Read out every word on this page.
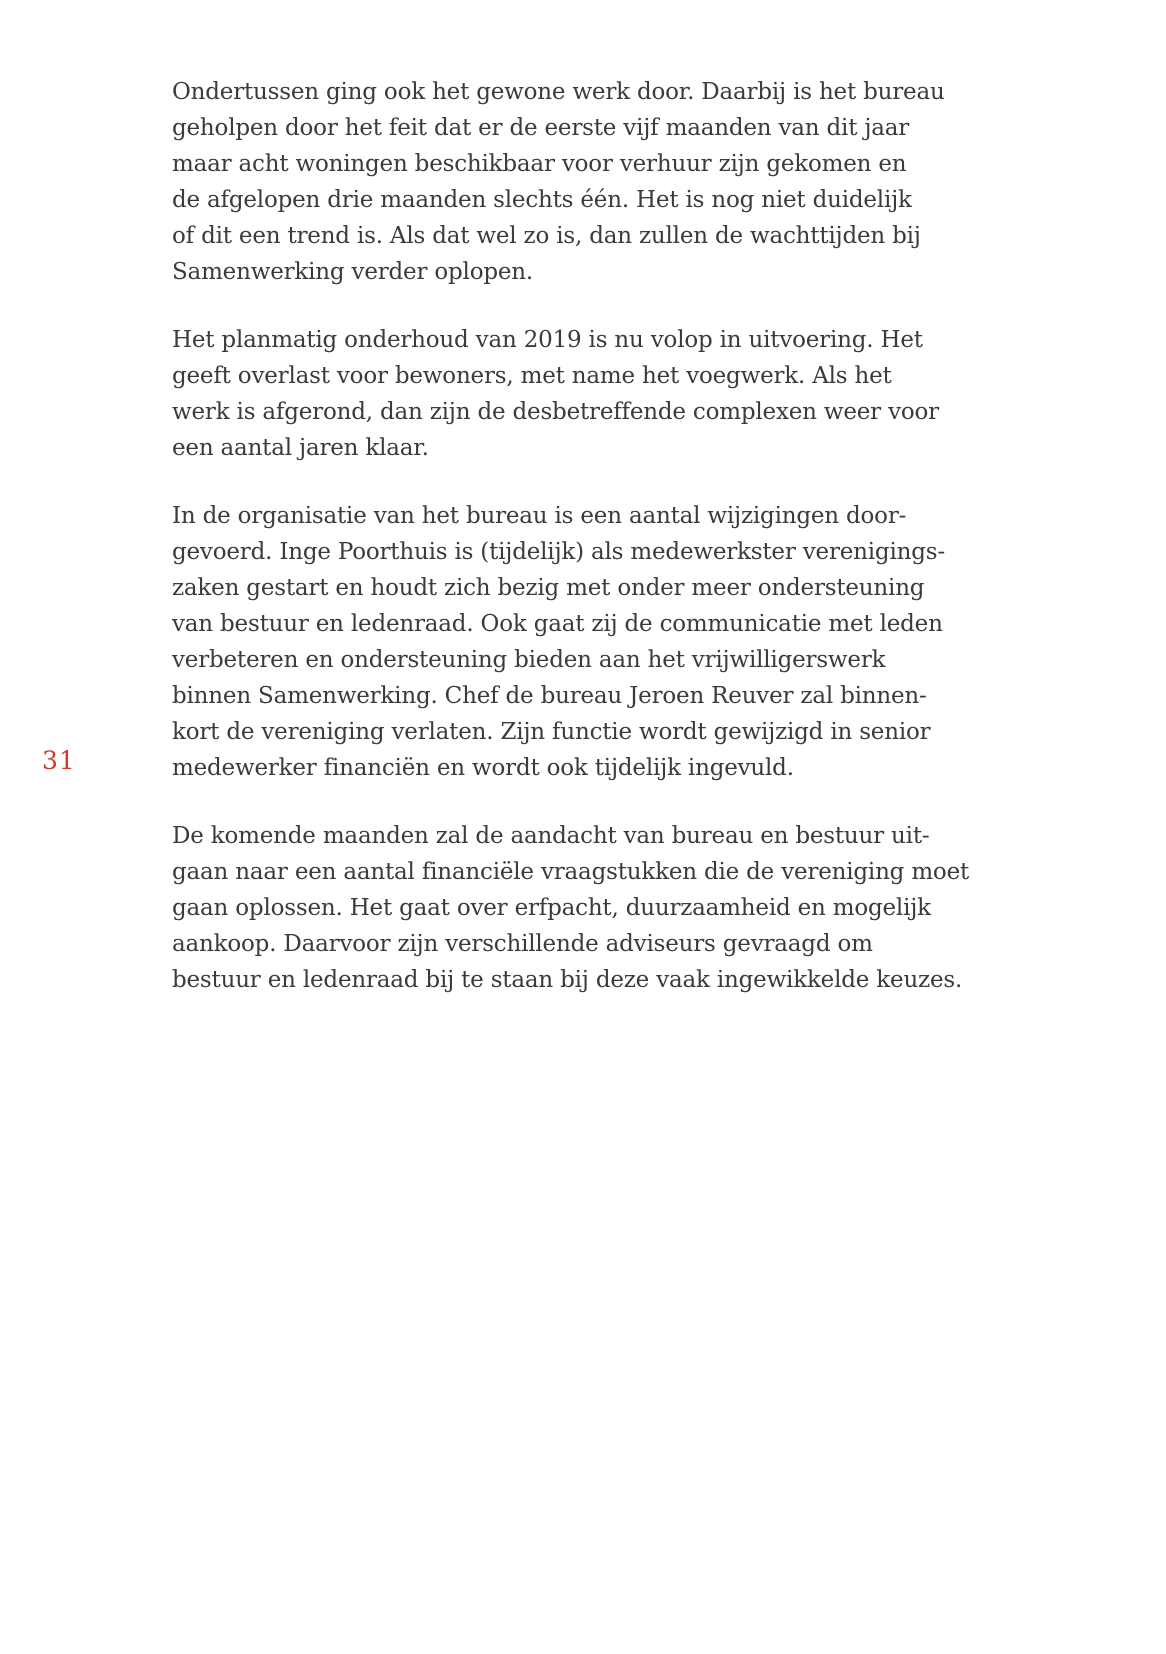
31

Ondertussen ging ook het gewone werk door. Daarbij is het bureau
geholpen door het feit dat er de eerste vijf maanden van dit jaar
maar acht woningen beschikbaar voor verhuur zijn gekomen en
de afgelopen drie maanden slechts één. Het is nog niet duidelijk
of dit een trend is. Als dat wel zo is, dan zullen de wachttijden bij
Samenwerking verder oplopen.

Het planmatig onderhoud van 2019 is nu volop in uitvoering. Het
geeft overlast voor bewoners, met name het voegwerk. Als het
werk is afgerond, dan zijn de desbetreffende complexen weer voor
een aantal jaren klaar.

In de organisatie van het bureau is een aantal wijzigingen door-
gevoerd. Inge Poorthuis is (tijdelijk) als medewerkster verenigings-
zaken gestart en houdt zich bezig met onder meer ondersteuning
van bestuur en ledenraad. Ook gaat zij de communicatie met leden
verbeteren en ondersteuning bieden aan het vrijwilligerswerk
binnen Samenwerking. Chef de bureau Jeroen Reuver zal binnen-
kort de vereniging verlaten. Zijn functie wordt gewijzigd in senior
medewerker financiën en wordt ook tijdelijk ingevuld.

De komende maanden zal de aandacht van bureau en bestuur uit-
gaan naar een aantal financiële vraagstukken die de vereniging moet
gaan oplossen. Het gaat over erfpacht, duurzaamheid en mogelijk
aankoop. Daarvoor zijn verschillende adviseurs gevraagd om
bestuur en ledenraad bij te staan bij deze vaak ingewikkelde keuzes.
